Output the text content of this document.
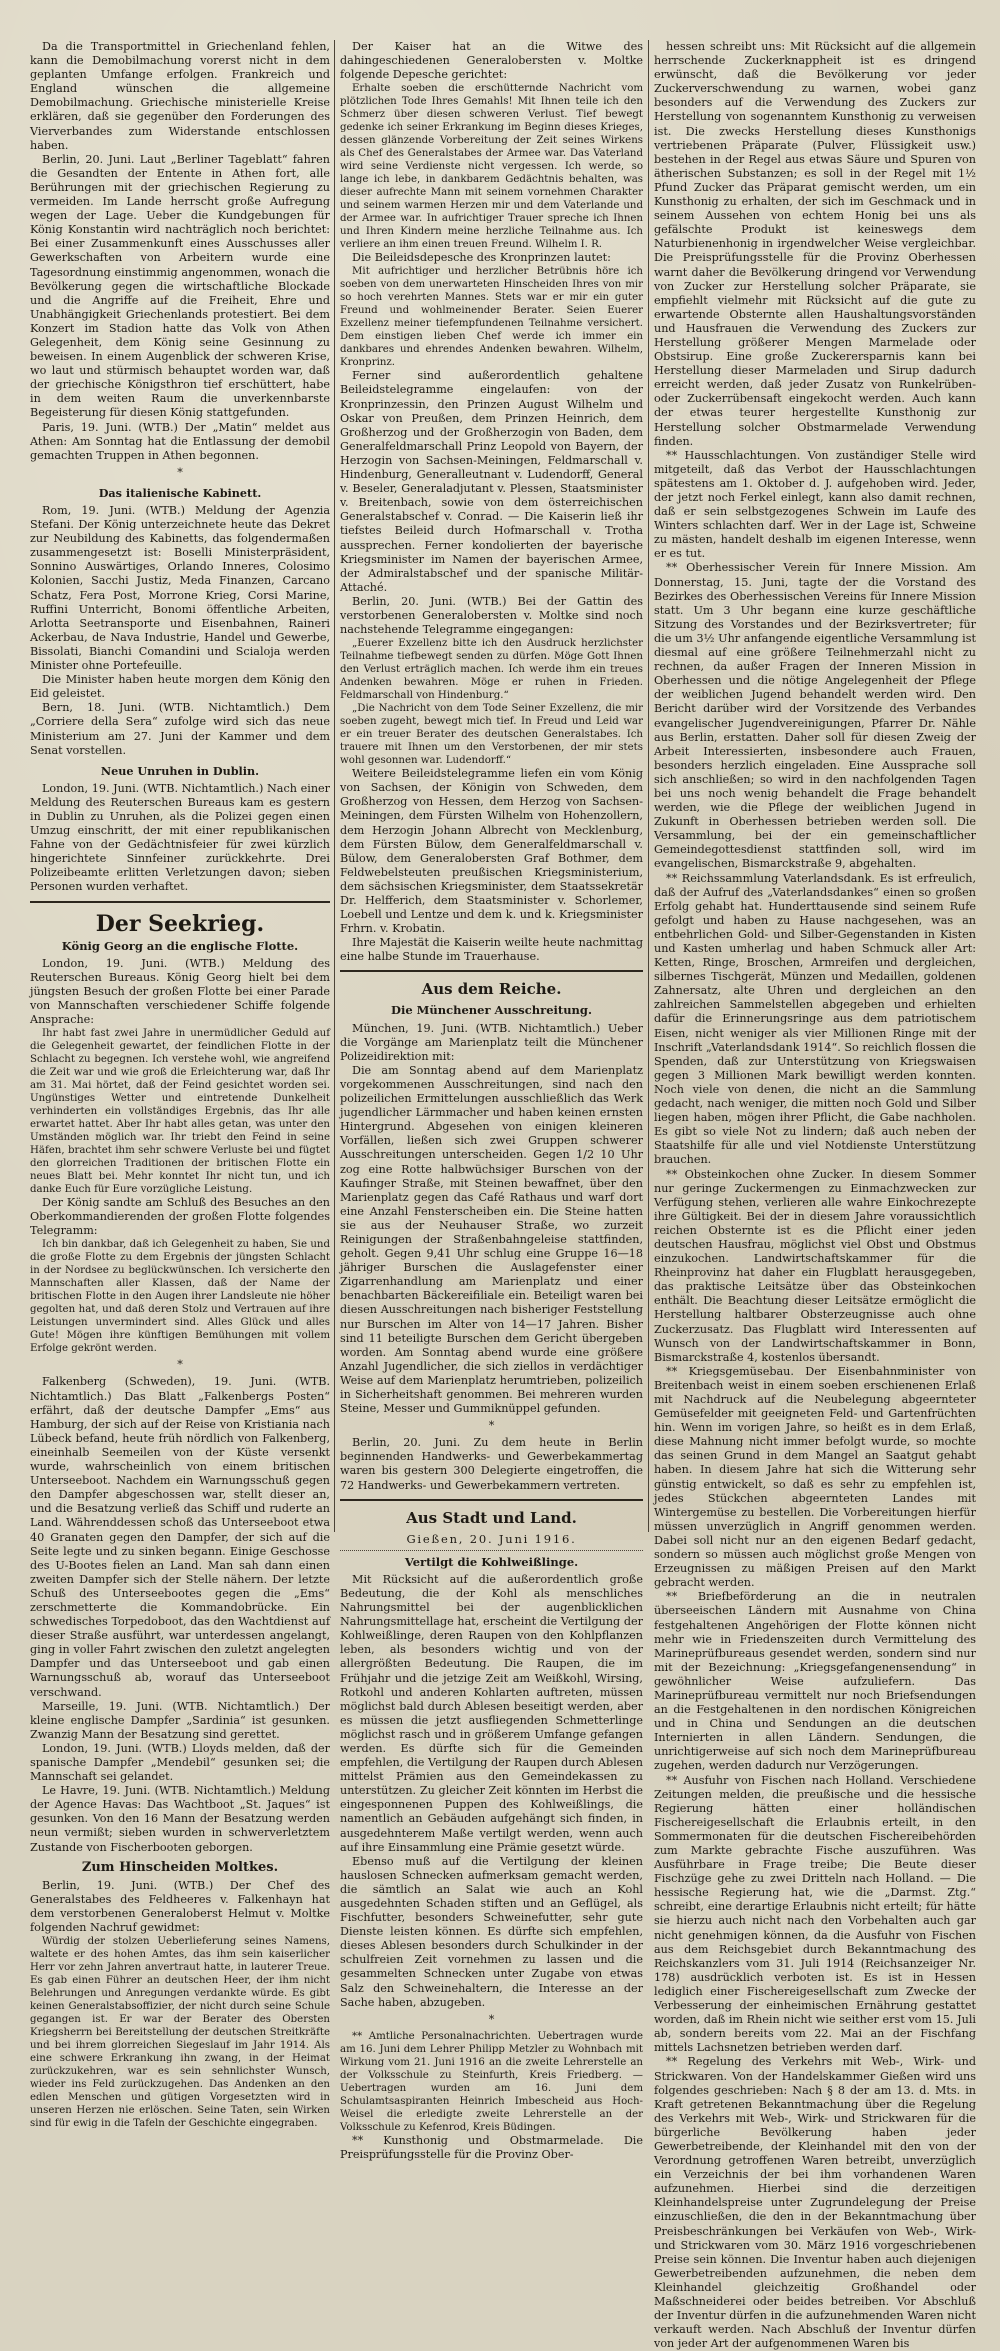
Da die Transportmittel in Griechenland fehlen, kann die Demobilmachung vorerst nicht in dem geplanten Umfange erfolgen. Frankreich und England wünschen die allgemeine Demobilmachung. Griechische ministerielle Kreise erklären, daß sie gegenüber den Forderungen des Vierverbandes zum Widerstande entschlossen haben.

Berlin, 20. Juni. Laut „Berliner Tageblatt“ fahren die Gesandten der Entente in Athen fort, alle Berührungen mit der griechischen Regierung zu vermeiden. Im Lande herrscht große Aufregung wegen der Lage. Ueber die Kundgebungen für König Konstantin wird nachträglich noch berichtet: Bei einer Zusammenkunft eines Ausschusses aller Gewerkschaften von Arbeitern wurde eine Tagesordnung einstimmig angenommen, wonach die Bevölkerung gegen die wirtschaftliche Blockade und die Angriffe auf die Freiheit, Ehre und Unabhängigkeit Griechenlands protestiert. Bei dem Konzert im Stadion hatte das Volk von Athen Gelegenheit, dem König seine Gesinnung zu beweisen. In einem Augenblick der schweren Krise, wo laut und stürmisch behauptet worden war, daß der griechische Königsthron tief erschüttert, habe in dem weiten Raum die unverkennbarste Begeisterung für diesen König stattgefunden.

Paris, 19. Juni. (WTB.) Der „Matin“ meldet aus Athen: Am Sonntag hat die Entlassung der demobil gemachten Truppen in Athen begonnen.

*

Das italienische Kabinett.

Rom, 19. Juni. (WTB.) Meldung der Agenzia Stefani. Der König unterzeichnete heute das Dekret zur Neubildung des Kabinetts, das folgendermaßen zusammengesetzt ist: Boselli Ministerpräsident, Sonnino Auswärtiges, Orlando Inneres, Colosimo Kolonien, Sacchi Justiz, Meda Finanzen, Carcano Schatz, Fera Post, Morrone Krieg, Corsi Marine, Ruffini Unterricht, Bonomi öffentliche Arbeiten, Arlotta Seetransporte und Eisenbahnen, Raineri Ackerbau, de Nava Industrie, Handel und Gewerbe, Bissolati, Bianchi Comandini und Scialoja werden Minister ohne Portefeuille.

Die Minister haben heute morgen dem König den Eid geleistet.

Bern, 18. Juni. (WTB. Nichtamtlich.) Dem „Corriere della Sera“ zufolge wird sich das neue Ministerium am 27. Juni der Kammer und dem Senat vorstellen.

Neue Unruhen in Dublin.

London, 19. Juni. (WTB. Nichtamtlich.) Nach einer Meldung des Reuterschen Bureaus kam es gestern in Dublin zu Unruhen, als die Polizei gegen einen Umzug einschritt, der mit einer republikanischen Fahne von der Gedächtnisfeier für zwei kürzlich hingerichtete Sinnfeiner zurückkehrte. Drei Polizeibeamte erlitten Verletzungen davon; sieben Personen wurden verhaftet.

Der Seekrieg.

König Georg an die englische Flotte.

London, 19. Juni. (WTB.) Meldung des Reuterschen Bureaus. König Georg hielt bei dem jüngsten Besuch der großen Flotte bei einer Parade von Mannschaften verschiedener Schiffe folgende Ansprache:

Ihr habt fast zwei Jahre in unermüdlicher Geduld auf die Gelegenheit gewartet, der feindlichen Flotte in der Schlacht zu begegnen. Ich verstehe wohl, wie angreifend die Zeit war und wie groß die Erleichterung war, daß Ihr am 31. Mai hörtet, daß der Feind gesichtet worden sei. Ungünstiges Wetter und eintretende Dunkelheit verhinderten ein vollständiges Ergebnis, das Ihr alle erwartet hattet. Aber Ihr habt alles getan, was unter den Umständen möglich war. Ihr triebt den Feind in seine Häfen, brachtet ihm sehr schwere Verluste bei und fügtet den glorreichen Traditionen der britischen Flotte ein neues Blatt bei. Mehr konntet Ihr nicht tun, und ich danke Euch für Eure vorzügliche Leistung.

Der König sandte am Schluß des Besuches an den Oberkommandierenden der großen Flotte folgendes Telegramm:

Ich bin dankbar, daß ich Gelegenheit zu haben, Sie und die große Flotte zu dem Ergebnis der jüngsten Schlacht in der Nordsee zu beglückwünschen. Ich versicherte den Mannschaften aller Klassen, daß der Name der britischen Flotte in den Augen ihrer Landsleute nie höher gegolten hat, und daß deren Stolz und Vertrauen auf ihre Leistungen unvermindert sind. Alles Glück und alles Gute! Mögen ihre künftigen Bemühungen mit vollem Erfolge gekrönt werden.

*

Falkenberg (Schweden), 19. Juni. (WTB. Nichtamtlich.) Das Blatt „Falkenbergs Posten“ erfährt, daß der deutsche Dampfer „Ems“ aus Hamburg, der sich auf der Reise von Kristiania nach Lübeck befand, heute früh nördlich von Falkenberg, eineinhalb Seemeilen von der Küste versenkt wurde, wahrscheinlich von einem britischen Unterseeboot. Nachdem ein Warnungsschuß gegen den Dampfer abgeschossen war, stellt dieser an, und die Besatzung verließ das Schiff und ruderte an Land. Währenddessen schoß das Unterseeboot etwa 40 Granaten gegen den Dampfer, der sich auf die Seite legte und zu sinken begann. Einige Geschosse des U-Bootes fielen an Land. Man sah dann einen zweiten Dampfer sich der Stelle nähern. Der letzte Schuß des Unterseebootes gegen die „Ems“ zerschmetterte die Kommandobrücke. Ein schwedisches Torpedoboot, das den Wachtdienst auf dieser Straße ausführt, war unterdessen angelangt, ging in voller Fahrt zwischen den zuletzt angelegten Dampfer und das Unterseeboot und gab einen Warnungsschuß ab, worauf das Unterseeboot verschwand.

Marseille, 19. Juni. (WTB. Nichtamtlich.) Der kleine englische Dampfer „Sardinia“ ist gesunken. Zwanzig Mann der Besatzung sind gerettet.

London, 19. Juni. (WTB.) Lloyds melden, daß der spanische Dampfer „Mendebil“ gesunken sei; die Mannschaft sei gelandet.

Le Havre, 19. Juni. (WTB. Nichtamtlich.) Meldung der Agence Havas: Das Wachtboot „St. Jaques“ ist gesunken. Von den 16 Mann der Besatzung werden neun vermißt; sieben wurden in schwerverletztem Zustande von Fischerbooten geborgen.

Zum Hinscheiden Moltkes.

Berlin, 19. Juni. (WTB.) Der Chef des Generalstabes des Feldheeres v. Falkenhayn hat dem verstorbenen Generaloberst Helmut v. Moltke folgenden Nachruf gewidmet:

Würdig der stolzen Ueberlieferung seines Namens, waltete er des hohen Amtes, das ihm sein kaiserlicher Herr vor zehn Jahren anvertraut hatte, in lauterer Treue. Es gab einen Führer an deutschen Heer, der ihm nicht Belehrungen und Anregungen verdankte würde. Es gibt keinen Generalstabsoffizier, der nicht durch seine Schule gegangen ist. Er war der Berater des Obersten Kriegsherrn bei Bereitstellung der deutschen Streitkräfte und bei ihrem glorreichen Siegeslauf im Jahr 1914. Als eine schwere Erkrankung ihn zwang, in der Heimat zurückzukehren, war es sein sehnlichster Wunsch, wieder ins Feld zurückzugehen. Das Andenken an den edlen Menschen und gütigen Vorgesetzten wird in unseren Herzen nie erlöschen. Seine Taten, sein Wirken sind für ewig in die Tafeln der Geschichte eingegraben.

Der Kaiser hat an die Witwe des dahingeschiedenen Generalobersten v. Moltke folgende Depesche gerichtet:

Erhalte soeben die erschütternde Nachricht vom plötzlichen Tode Ihres Gemahls! Mit Ihnen teile ich den Schmerz über diesen schweren Verlust. Tief bewegt gedenke ich seiner Erkrankung im Beginn dieses Krieges, dessen glänzende Vorbereitung der Zeit seines Wirkens als Chef des Generalstabes der Armee war. Das Vaterland wird seine Verdienste nicht vergessen. Ich werde, so lange ich lebe, in dankbarem Gedächtnis behalten, was dieser aufrechte Mann mit seinem vornehmen Charakter und seinem warmen Herzen mir und dem Vaterlande und der Armee war. In aufrichtiger Trauer spreche ich Ihnen und Ihren Kindern meine herzliche Teilnahme aus. Ich verliere an ihm einen treuen Freund. Wilhelm I. R.

Die Beileidsdepesche des Kronprinzen lautet:

Mit aufrichtiger und herzlicher Betrübnis höre ich soeben von dem unerwarteten Hinscheiden Ihres von mir so hoch verehrten Mannes. Stets war er mir ein guter Freund und wohlmeinender Berater. Seien Euerer Exzellenz meiner tiefempfundenen Teilnahme versichert. Dem einstigen lieben Chef werde ich immer ein dankbares und ehrendes Andenken bewahren. Wilhelm, Kronprinz.

Ferner sind außerordentlich gehaltene Beileidstelegramme eingelaufen: von der Kronprinzessin, den Prinzen August Wilhelm und Oskar von Preußen, dem Prinzen Heinrich, dem Großherzog und der Großherzogin von Baden, dem Generalfeldmarschall Prinz Leopold von Bayern, der Herzogin von Sachsen-Meiningen, Feldmarschall v. Hindenburg, Generalleutnant v. Ludendorff, General v. Beseler, Generaladjutant v. Plessen, Staatsminister v. Breitenbach, sowie von dem österreichischen Generalstabschef v. Conrad. — Die Kaiserin ließ ihr tiefstes Beileid durch Hofmarschall v. Trotha aussprechen. Ferner kondolierten der bayerische Kriegsminister im Namen der bayerischen Armee, der Admiralstabschef und der spanische Militär-Attaché.

Berlin, 20. Juni. (WTB.) Bei der Gattin des verstorbenen Generalobersten v. Moltke sind noch nachstehende Telegramme eingegangen:

„Euerer Exzellenz bitte ich den Ausdruck herzlichster Teilnahme tiefbewegt senden zu dürfen. Möge Gott Ihnen den Verlust erträglich machen. Ich werde ihm ein treues Andenken bewahren. Möge er ruhen in Frieden. Feldmarschall von Hindenburg.“

„Die Nachricht von dem Tode Seiner Exzellenz, die mir soeben zugeht, bewegt mich tief. In Freud und Leid war er ein treuer Berater des deutschen Generalstabes. Ich trauere mit Ihnen um den Verstorbenen, der mir stets wohl gesonnen war. Ludendorff.“

Weitere Beileidstelegramme liefen ein vom König von Sachsen, der Königin von Schweden, dem Großherzog von Hessen, dem Herzog von Sachsen-Meiningen, dem Fürsten Wilhelm von Hohenzollern, dem Herzogin Johann Albrecht von Mecklenburg, dem Fürsten Bülow, dem Generalfeldmarschall v. Bülow, dem Generalobersten Graf Bothmer, dem Feldwebelsteuten preußischen Kriegsministerium, dem sächsischen Kriegsminister, dem Staatssekretär Dr. Helfferich, dem Staatsminister v. Schorlemer, Loebell und Lentze und dem k. und k. Kriegsminister Frhrn. v. Krobatin.

Ihre Majestät die Kaiserin weilte heute nachmittag eine halbe Stunde im Trauerhause.

Aus dem Reiche.

Die Münchener Ausschreitung.

München, 19. Juni. (WTB. Nichtamtlich.) Ueber die Vorgänge am Marienplatz teilt die Münchener Polizeidirektion mit:

Die am Sonntag abend auf dem Marienplatz vorgekommenen Ausschreitungen, sind nach den polizeilichen Ermittelungen ausschließlich das Werk jugendlicher Lärmmacher und haben keinen ernsten Hintergrund. Abgesehen von einigen kleineren Vorfällen, ließen sich zwei Gruppen schwerer Ausschreitungen unterscheiden. Gegen 1/2 10 Uhr zog eine Rotte halbwüchsiger Burschen von der Kaufinger Straße, mit Steinen bewaffnet, über den Marienplatz gegen das Café Rathaus und warf dort eine Anzahl Fensterscheiben ein. Die Steine hatten sie aus der Neuhauser Straße, wo zurzeit Reinigungen der Straßenbahngeleise stattfinden, geholt. Gegen 9,41 Uhr schlug eine Gruppe 16—18 jähriger Burschen die Auslagefenster einer Zigarrenhandlung am Marienplatz und einer benachbarten Bäckereifiliale ein. Beteiligt waren bei diesen Ausschreitungen nach bisheriger Feststellung nur Burschen im Alter von 14—17 Jahren. Bisher sind 11 beteiligte Burschen dem Gericht übergeben worden. Am Sonntag abend wurde eine größere Anzahl Jugendlicher, die sich ziellos in verdächtiger Weise auf dem Marienplatz herumtrieben, polizeilich in Sicherheitshaft genommen. Bei mehreren wurden Steine, Messer und Gummiknüppel gefunden.

*

Berlin, 20. Juni. Zu dem heute in Berlin beginnenden Handwerks- und Gewerbekammertag waren bis gestern 300 Delegierte eingetroffen, die 72 Handwerks- und Gewerbekammern vertreten.

Aus Stadt und Land.

Gießen, 20. Juni 1916.

Vertilgt die Kohlweißlinge.

Mit Rücksicht auf die außerordentlich große Bedeutung, die der Kohl als menschliches Nahrungsmittel bei der augenblicklichen Nahrungsmittellage hat, erscheint die Vertilgung der Kohlweißlinge, deren Raupen von den Kohlpflanzen leben, als besonders wichtig und von der allergrößten Bedeutung. Die Raupen, die im Frühjahr und die jetzige Zeit am Weißkohl, Wirsing, Rotkohl und anderen Kohlarten auftreten, müssen möglichst bald durch Ablesen beseitigt werden, aber es müssen die jetzt ausfliegenden Schmetterlinge möglichst rasch und in größerem Umfange gefangen werden. Es dürfte sich für die Gemeinden empfehlen, die Vertilgung der Raupen durch Ablesen mittelst Prämien aus den Gemeindekassen zu unterstützen. Zu gleicher Zeit könnten im Herbst die eingesponnenen Puppen des Kohlweißlings, die namentlich an Gebäuden aufgehängt sich finden, in ausgedehnterem Maße vertilgt werden, wenn auch auf ihre Einsammlung eine Prämie gesetzt würde.

Ebenso muß auf die Vertilgung der kleinen hauslosen Schnecken aufmerksam gemacht werden, die sämtlich an Salat wie auch an Kohl ausgedehnten Schaden stiften und an Geflügel, als Fischfutter, besonders Schweinefutter, sehr gute Dienste leisten können. Es dürfte sich empfehlen, dieses Ablesen besonders durch Schulkinder in der schulfreien Zeit vornehmen zu lassen und die gesammelten Schnecken unter Zugabe von etwas Salz den Schweinehaltern, die Interesse an der Sache haben, abzugeben.

*

** Amtliche Personalnachrichten. Uebertragen wurde am 16. Juni dem Lehrer Philipp Metzler zu Wohnbach mit Wirkung vom 21. Juni 1916 an die zweite Lehrerstelle an der Volksschule zu Steinfurth, Kreis Friedberg. — Uebertragen wurden am 16. Juni dem Schulamtsaspiranten Heinrich Imbescheid aus Hoch-Weisel die erledigte zweite Lehrerstelle an der Volksschule zu Kefenrod, Kreis Büdingen.

** Kunsthonig und Obstmarmelade. Die Preisprüfungsstelle für die Provinz Ober-

hessen schreibt uns: Mit Rücksicht auf die allgemein herrschende Zuckerknappheit ist es dringend erwünscht, daß die Bevölkerung vor jeder Zuckerverschwendung zu warnen, wobei ganz besonders auf die Verwendung des Zuckers zur Herstellung von sogenanntem Kunsthonig zu verweisen ist. Die zwecks Herstellung dieses Kunsthonigs vertriebenen Präparate (Pulver, Flüssigkeit usw.) bestehen in der Regel aus etwas Säure und Spuren von ätherischen Substanzen; es soll in der Regel mit 1½ Pfund Zucker das Präparat gemischt werden, um ein Kunsthonig zu erhalten, der sich im Geschmack und in seinem Aussehen von echtem Honig bei uns als gefälschte Produkt ist keineswegs dem Naturbienenhonig in irgendwelcher Weise vergleichbar. Die Preisprüfungsstelle für die Provinz Oberhessen warnt daher die Bevölkerung dringend vor Verwendung von Zucker zur Herstellung solcher Präparate, sie empfiehlt vielmehr mit Rücksicht auf die gute zu erwartende Obsternte allen Haushaltungsvorständen und Hausfrauen die Verwendung des Zuckers zur Herstellung größerer Mengen Marmelade oder Obstsirup. Eine große Zuckerersparnis kann bei Herstellung dieser Marmeladen und Sirup dadurch erreicht werden, daß jeder Zusatz von Runkelrüben- oder Zuckerrübensaft eingekocht werden. Auch kann der etwas teurer hergestellte Kunsthonig zur Herstellung solcher Obstmarmelade Verwendung finden.

** Hausschlachtungen. Von zuständiger Stelle wird mitgeteilt, daß das Verbot der Hausschlachtungen spätestens am 1. Oktober d. J. aufgehoben wird. Jeder, der jetzt noch Ferkel einlegt, kann also damit rechnen, daß er sein selbstgezogenes Schwein im Laufe des Winters schlachten darf. Wer in der Lage ist, Schweine zu mästen, handelt deshalb im eigenen Interesse, wenn er es tut.

** Oberhessischer Verein für Innere Mission. Am Donnerstag, 15. Juni, tagte der die Vorstand des Bezirkes des Oberhessischen Vereins für Innere Mission statt. Um 3 Uhr begann eine kurze geschäftliche Sitzung des Vorstandes und der Bezirksvertreter; für die um 3½ Uhr anfangende eigentliche Versammlung ist diesmal auf eine größere Teilnehmerzahl nicht zu rechnen, da außer Fragen der Inneren Mission in Oberhessen und die nötige Angelegenheit der Pflege der weiblichen Jugend behandelt werden wird. Den Bericht darüber wird der Vorsitzende des Verbandes evangelischer Jugendvereinigungen, Pfarrer Dr. Nähle aus Berlin, erstatten. Daher soll für diesen Zweig der Arbeit Interessierten, insbesondere auch Frauen, besonders herzlich eingeladen. Eine Aussprache soll sich anschließen; so wird in den nachfolgenden Tagen bei uns noch wenig behandelt die Frage behandelt werden, wie die Pflege der weiblichen Jugend in Zukunft in Oberhessen betrieben werden soll. Die Versammlung, bei der ein gemeinschaftlicher Gemeindegottesdienst stattfinden soll, wird im evangelischen, Bismarckstraße 9, abgehalten.

** Reichssammlung Vaterlandsdank. Es ist erfreulich, daß der Aufruf des „Vaterlandsdankes“ einen so großen Erfolg gehabt hat. Hunderttausende sind seinem Rufe gefolgt und haben zu Hause nachgesehen, was an entbehrlichen Gold- und Silber-Gegenstanden in Kisten und Kasten umherlag und haben Schmuck aller Art: Ketten, Ringe, Broschen, Armreifen und dergleichen, silbernes Tischgerät, Münzen und Medaillen, goldenen Zahnersatz, alte Uhren und dergleichen an den zahlreichen Sammelstellen abgegeben und erhielten dafür die Erinnerungsringe aus dem patriotischem Eisen, nicht weniger als vier Millionen Ringe mit der Inschrift „Vaterlandsdank 1914“. So reichlich flossen die Spenden, daß zur Unterstützung von Kriegswaisen gegen 3 Millionen Mark bewilligt werden konnten. Noch viele von denen, die nicht an die Sammlung gedacht, nach weniger, die mitten noch Gold und Silber liegen haben, mögen ihrer Pflicht, die Gabe nachholen. Es gibt so viele Not zu lindern; daß auch neben der Staatshilfe für alle und viel Notdienste Unterstützung brauchen.

** Obsteinkochen ohne Zucker. In diesem Sommer nur geringe Zuckermengen zu Einmachzwecken zur Verfügung stehen, verlieren alle wahre Einkochrezepte ihre Gültigkeit. Bei der in diesem Jahre voraussichtlich reichen Obsternte ist es die Pflicht einer jeden deutschen Hausfrau, möglichst viel Obst und Obstmus einzukochen. Landwirtschaftskammer für die Rheinprovinz hat daher ein Flugblatt herausgegeben, das praktische Leitsätze über das Obsteinkochen enthält. Die Beachtung dieser Leitsätze ermöglicht die Herstellung haltbarer Obsterzeugnisse auch ohne Zuckerzusatz. Das Flugblatt wird Interessenten auf Wunsch von der Landwirtschaftskammer in Bonn, Bismarckstraße 4, kostenlos übersandt.

** Kriegsgemüsebau. Der Eisenbahnminister von Breitenbach weist in einem soeben erschienenen Erlaß mit Nachdruck auf die Neubelegung abgeernteter Gemüsefelder mit geeigneten Feld- und Gartenfrüchten hin. Wenn im vorigen Jahre, so heißt es in dem Erlaß, diese Mahnung nicht immer befolgt wurde, so mochte das seinen Grund in dem Mangel an Saatgut gehabt haben. In diesem Jahre hat sich die Witterung sehr günstig entwickelt, so daß es sehr zu empfehlen ist, jedes Stückchen abgeernteten Landes mit Wintergemüse zu bestellen. Die Vorbereitungen hierfür müssen unverzüglich in Angriff genommen werden. Dabei soll nicht nur an den eigenen Bedarf gedacht, sondern so müssen auch möglichst große Mengen von Erzeugnissen zu mäßigen Preisen auf den Markt gebracht werden.

** Briefbeförderung an die in neutralen überseeischen Ländern mit Ausnahme von China festgehaltenen Angehörigen der Flotte können nicht mehr wie in Friedenszeiten durch Vermittelung des Marineprüfbureaus gesendet werden, sondern sind nur mit der Bezeichnung: „Kriegsgefangenensendung“ in gewöhnlicher Weise aufzuliefern. Das Marineprüfbureau vermittelt nur noch Briefsendungen an die Festgehaltenen in den nordischen Königreichen und in China und Sendungen an die deutschen Internierten in allen Ländern. Sendungen, die unrichtigerweise auf sich noch dem Marineprüfbureau zugehen, werden dadurch nur Verzögerungen.

** Ausfuhr von Fischen nach Holland. Verschiedene Zeitungen melden, die preußische und die hessische Regierung hätten einer holländischen Fischereigesellschaft die Erlaubnis erteilt, in den Sommermonaten für die deutschen Fischereibehörden zum Markte gebrachte Fische auszuführen. Was Ausführbare in Frage treibe; Die Beute dieser Fischzüge gehe zu zwei Dritteln nach Holland. — Die hessische Regierung hat, wie die „Darmst. Ztg.“ schreibt, eine derartige Erlaubnis nicht erteilt; für hätte sie hierzu auch nicht nach den Vorbehalten auch gar nicht genehmigen können, da die Ausfuhr von Fischen aus dem Reichsgebiet durch Bekanntmachung des Reichskanzlers vom 31. Juli 1914 (Reichsanzeiger Nr. 178) ausdrücklich verboten ist. Es ist in Hessen lediglich einer Fischereigesellschaft zum Zwecke der Verbesserung der einheimischen Ernährung gestattet worden, daß im Rhein nicht wie seither erst vom 15. Juli ab, sondern bereits vom 22. Mai an der Fischfang mittels Lachsnetzen betrieben werden darf.

** Regelung des Verkehrs mit Web-, Wirk- und Strickwaren. Von der Handelskammer Gießen wird uns folgendes geschrieben: Nach § 8 der am 13. d. Mts. in Kraft getretenen Bekanntmachung über die Regelung des Verkehrs mit Web-, Wirk- und Strickwaren für die bürgerliche Bevölkerung haben jeder Gewerbetreibende, der Kleinhandel mit den von der Verordnung getroffenen Waren betreibt, unverzüglich ein Verzeichnis der bei ihm vorhandenen Waren aufzunehmen. Hierbei sind die derzeitigen Kleinhandelspreise unter Zugrundelegung der Preise einzuschließen, die den in der Bekanntmachung über Preisbeschränkungen bei Verkäufen von Web-, Wirk- und Strickwaren vom 30. März 1916 vorgeschriebenen Preise sein können. Die Inventur haben auch diejenigen Gewerbetreibenden aufzunehmen, die neben dem Kleinhandel gleichzeitig Großhandel oder Maßschneiderei oder beides betreiben. Vor Abschluß der Inventur dürfen in die aufzunehmenden Waren nicht verkauft werden. Nach Abschluß der Inventur dürfen von jeder Art der aufgenommenen Waren bis
